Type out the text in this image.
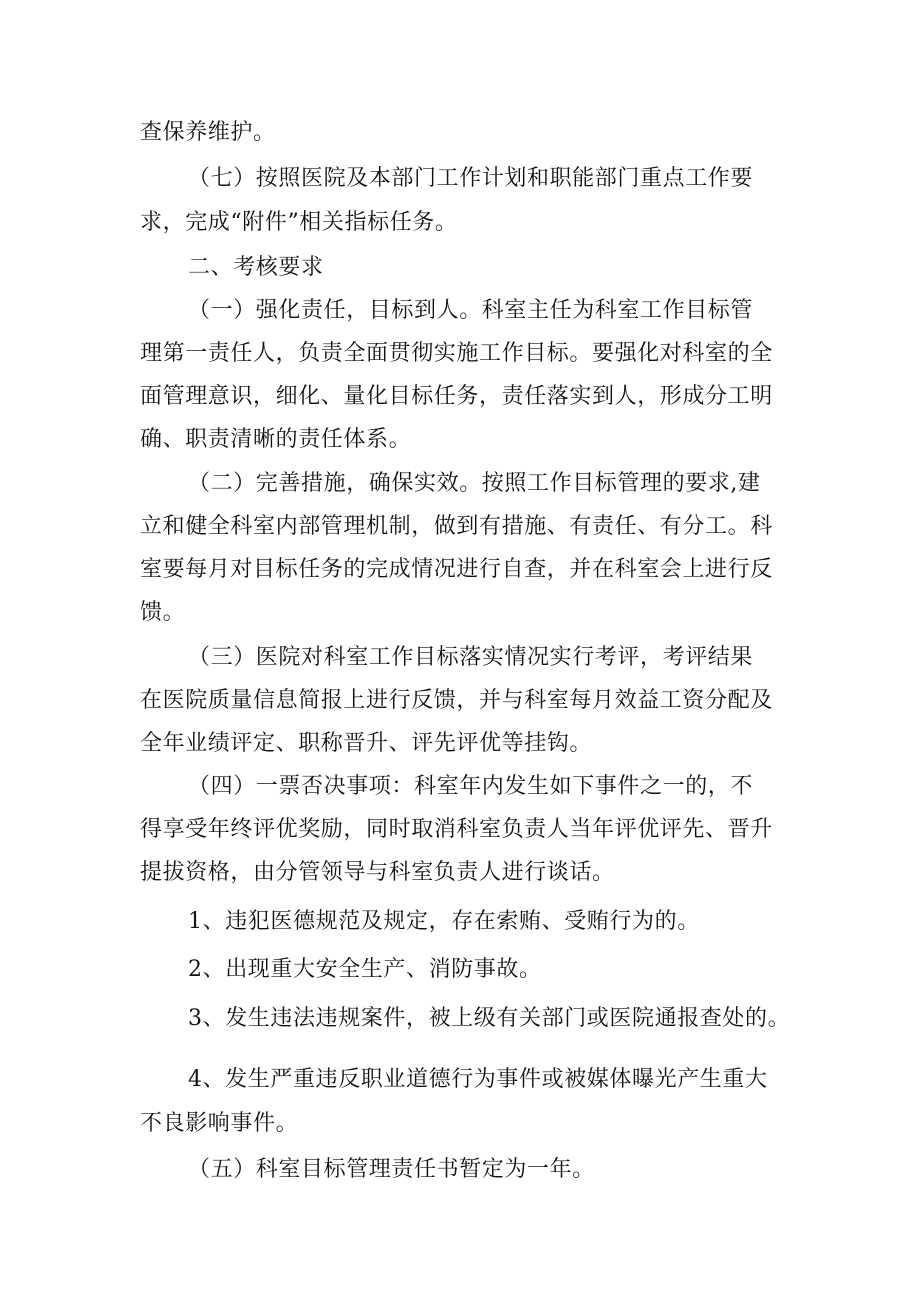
查保养维护。
（七）按照医院及本部门工作计划和职能部门重点工作要
求，完成“附件”相关指标任务。
二、考核要求
（一）强化责任，目标到人。科室主任为科室工作目标管
理第一责任人，负责全面贯彻实施工作目标。要强化对科室的全
面管理意识，细化、量化目标任务，责任落实到人，形成分工明
确、职责清晰的责任体系。
（二）完善措施，确保实效。按照工作目标管理的要求,建
立和健全科室内部管理机制，做到有措施、有责任、有分工。科
室要每月对目标任务的完成情况进行自查，并在科室会上进行反
馈。
（三）医院对科室工作目标落实情况实行考评，考评结果
在医院质量信息简报上进行反馈，并与科室每月效益工资分配及
全年业绩评定、职称晋升、评先评优等挂钩。
（四）一票否决事项：科室年内发生如下事件之一的，不
得享受年终评优奖励，同时取消科室负责人当年评优评先、晋升
提拔资格，由分管领导与科室负责人进行谈话。
1、违犯医德规范及规定，存在索贿、受贿行为的。
2、出现重大安全生产、消防事故。
3、发生违法违规案件，被上级有关部门或医院通报查处的。
4、发生严重违反职业道德行为事件或被媒体曝光产生重大
不良影响事件。
（五）科室目标管理责任书暂定为一年。
